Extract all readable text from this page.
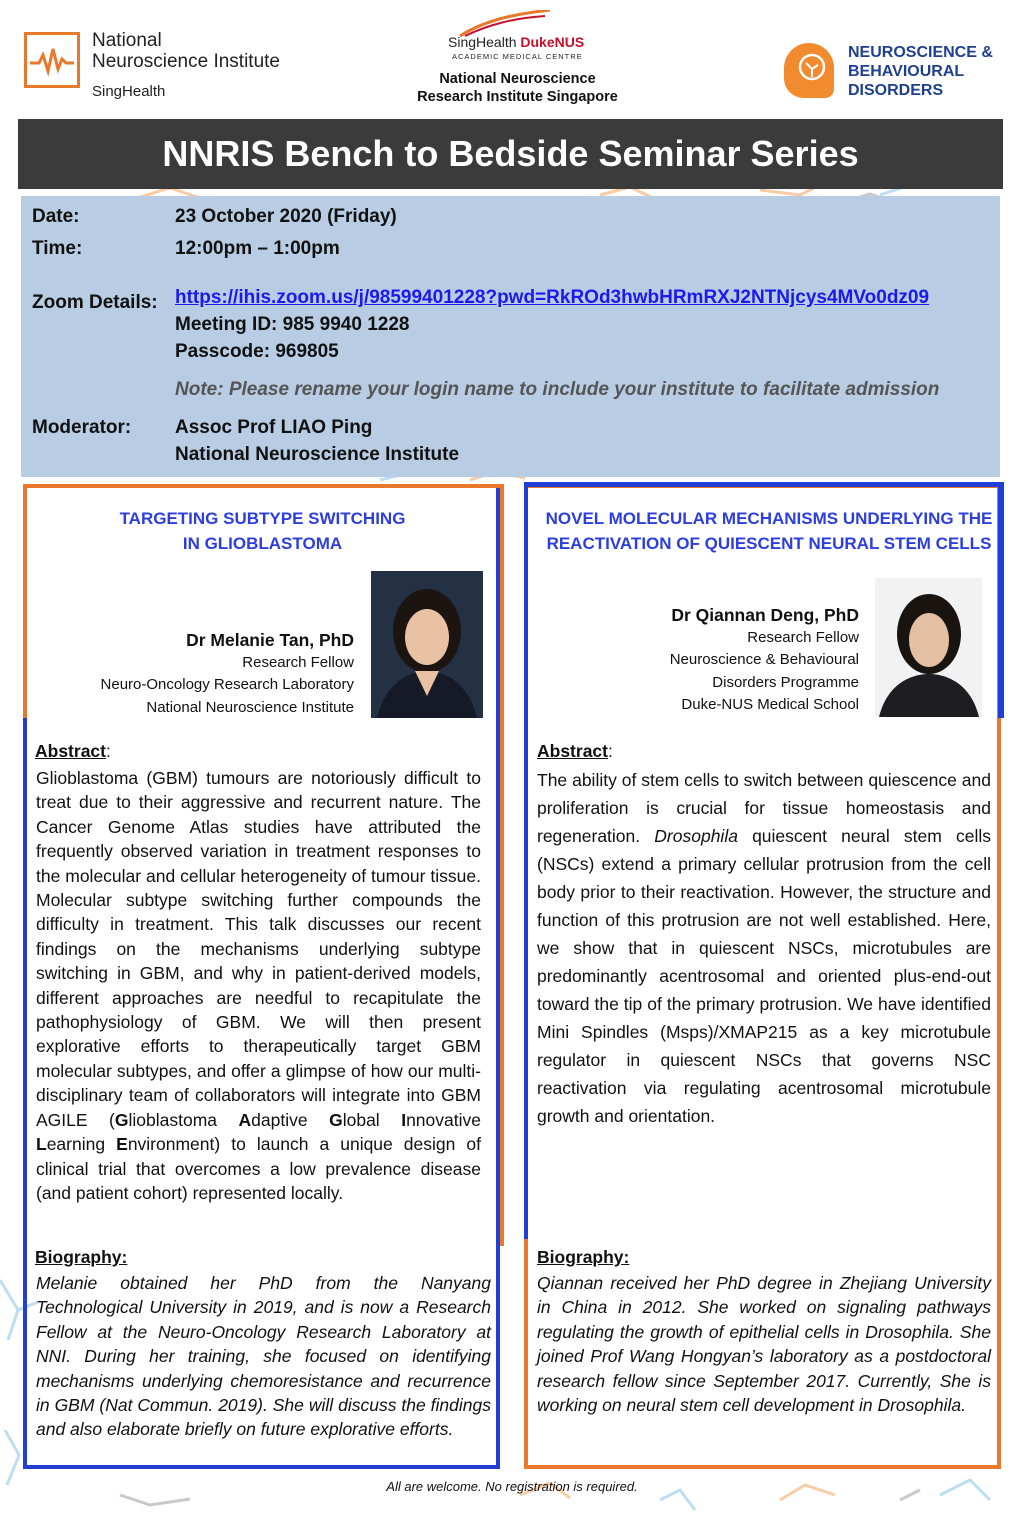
National
Neuroscience Institute
SingHealth
SingHealth DukeNUS
ACADEMIC MEDICAL CENTRE
National Neuroscience
Research Institute Singapore
NEUROSCIENCE &
BEHAVIOURAL
DISORDERS
NNRIS Bench to Bedside Seminar Series
Date:	23 October 2020 (Friday)
Time:	12:00pm – 1:00pm
Zoom Details: https://ihis.zoom.us/j/98599401228?pwd=RkROd3hwbHRmRXJ2NTNjcys4MVo0dz09
Meeting ID: 985 9940 1228
Passcode: 969805
Note: Please rename your login name to include your institute to facilitate admission
Moderator: Assoc Prof LIAO Ping
National Neuroscience Institute
TARGETING SUBTYPE SWITCHING
IN GLIOBLASTOMA
Dr Melanie Tan, PhD
Research Fellow
Neuro-Oncology Research Laboratory
National Neuroscience Institute
Abstract:
Glioblastoma (GBM) tumours are notoriously difficult to treat due to their aggressive and recurrent nature. The Cancer Genome Atlas studies have attributed the frequently observed variation in treatment responses to the molecular and cellular heterogeneity of tumour tissue. Molecular subtype switching further compounds the difficulty in treatment. This talk discusses our recent findings on the mechanisms underlying subtype switching in GBM, and why in patient-derived models, different approaches are needful to recapitulate the pathophysiology of GBM. We will then present explorative efforts to therapeutically target GBM molecular subtypes, and offer a glimpse of how our multi-disciplinary team of collaborators will integrate into GBM AGILE (Glioblastoma Adaptive Global Innovative Learning Environment) to launch a unique design of clinical trial that overcomes a low prevalence disease (and patient cohort) represented locally.
Biography:
Melanie obtained her PhD from the Nanyang Technological University in 2019, and is now a Research Fellow at the Neuro-Oncology Research Laboratory at NNI. During her training, she focused on identifying mechanisms underlying chemoresistance and recurrence in GBM (Nat Commun. 2019). She will discuss the findings and also elaborate briefly on future explorative efforts.
NOVEL MOLECULAR MECHANISMS UNDERLYING THE
REACTIVATION OF QUIESCENT NEURAL STEM CELLS
Dr Qiannan Deng, PhD
Research Fellow
Neuroscience & Behavioural
Disorders Programme
Duke-NUS Medical School
Abstract:
The ability of stem cells to switch between quiescence and proliferation is crucial for tissue homeostasis and regeneration. Drosophila quiescent neural stem cells (NSCs) extend a primary cellular protrusion from the cell body prior to their reactivation. However, the structure and function of this protrusion are not well established. Here, we show that in quiescent NSCs, microtubules are predominantly acentrosomal and oriented plus-end-out toward the tip of the primary protrusion. We have identified Mini Spindles (Msps)/XMAP215 as a key microtubule regulator in quiescent NSCs that governs NSC reactivation via regulating acentrosomal microtubule growth and orientation.
Biography:
Qiannan received her PhD degree in Zhejiang University in China in 2012. She worked on signaling pathways regulating the growth of epithelial cells in Drosophila. She joined Prof Wang Hongyan’s laboratory as a postdoctoral research fellow since September 2017. Currently, She is working on neural stem cell development in Drosophila.
All are welcome. No registration is required.
